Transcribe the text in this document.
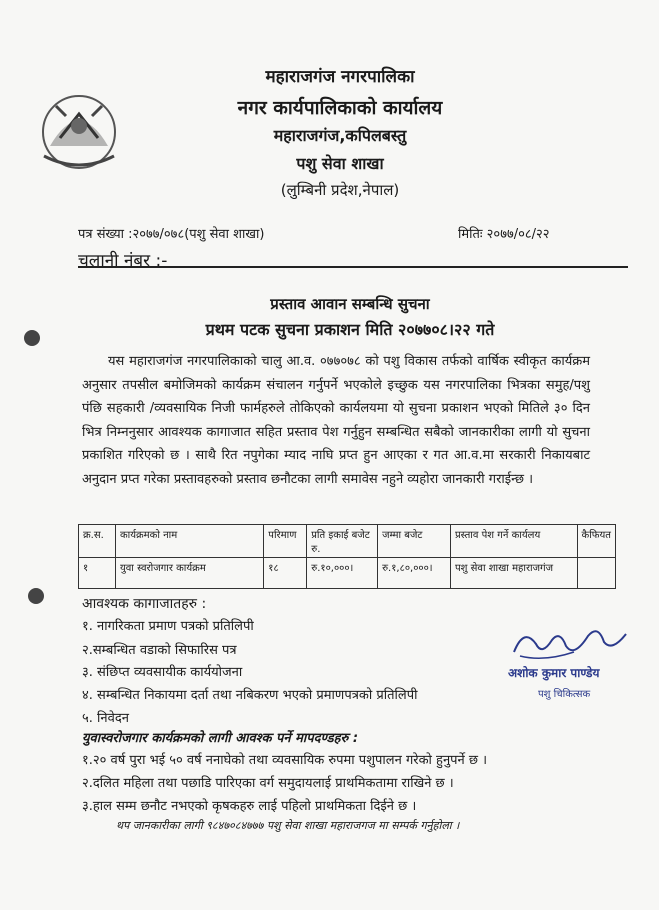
महाराजगंज नगरपालिका
नगर कार्यपालिकाको कार्यालय
महाराजगंज,कपिलबस्तु
पशु सेवा शाखा
(लुम्बिनी प्रदेश,नेपाल)
पत्र संख्या :२०७७/०७८(पशु सेवा शाखा)	मितिः २०७७/०८/२२
चलानी नंबर :-
प्रस्ताव आवान सम्बन्धि सुचना
प्रथम पटक सुचना प्रकाशन मिति २०७७०८।२२ गते
यस महाराजगंज नगरपालिकाको चालु आ.व. ०७७०७८ को पशु विकास तर्फको वार्षिक स्वीकृत कार्यक्रम अनुसार तपसील बमोजिमको कार्यक्रम संचालन गर्नुपर्ने भएकोले इच्छुक यस नगरपालिका भित्रका समुह/पशु पंछि सहकारी /व्यवसायिक निजी फार्महरुले तोकिएको कार्यलयमा यो सुचना प्रकाशन भएको मितिले ३० दिन भित्र निम्ननुसार आवश्यक कागाजात सहित प्रस्ताव पेश गर्नुहुन सम्बन्धित सबैको जानकारीका लागी यो सुचना प्रकाशित गरिएको छ । साथै रित नपुगेका म्याद नाघि प्रप्त हुन आएका र गत आ.व.मा सरकारी निकायबाट अनुदान प्रप्त गरेका प्रस्तावहरुको प्रस्ताव छनौटका लागी समावेस नहुने व्यहोरा जानकारी गराईन्छ ।
क्र.स.	कार्यक्रमको नाम	परिमाण	प्रति इकाई बजेट रु.	जम्मा बजेट	प्रस्ताव पेश गर्ने कार्यलय	कैफियत
१	युवा स्वरोजगार कार्यक्रम	१८	रु.१०,०००।	रु.१,८०,०००।	पशु सेवा शाखा महाराजगंज	
आवश्यक कागाजातहरु :
१. नागरिकता प्रमाण पत्रको प्रतिलिपी
२.सम्बन्धित वडाको सिफारिस पत्र
३. संछिप्त व्यवसायीक कार्ययोजना
४. सम्बन्धित निकायमा दर्ता तथा नबिकरण भएको प्रमाणपत्रको प्रतिलिपी
५. निवेदन
अशोक कुमार पाण्डेय
पशु चिकित्सक
युवास्वरोजगार कार्यक्रमको लागी आवश्क पर्ने मापदण्डहरु :
१.२० वर्ष पुरा भई ५० वर्ष ननाघेको तथा व्यवसायिक रुपमा पशुपालन गरेको हुनुपर्ने छ ।
२.दलित महिला तथा पछाडि पारिएका वर्ग समुदायलाई प्राथमिकतामा राखिने छ ।
३.हाल सम्म छनौट नभएको कृषकहरु लाई पहिलो प्राथमिकता दिईने छ ।
थप जानकारीका लागी ९८४७०८४७७७ पशु सेवा शाखा महाराजगज मा सम्पर्क गर्नुहोला ।
